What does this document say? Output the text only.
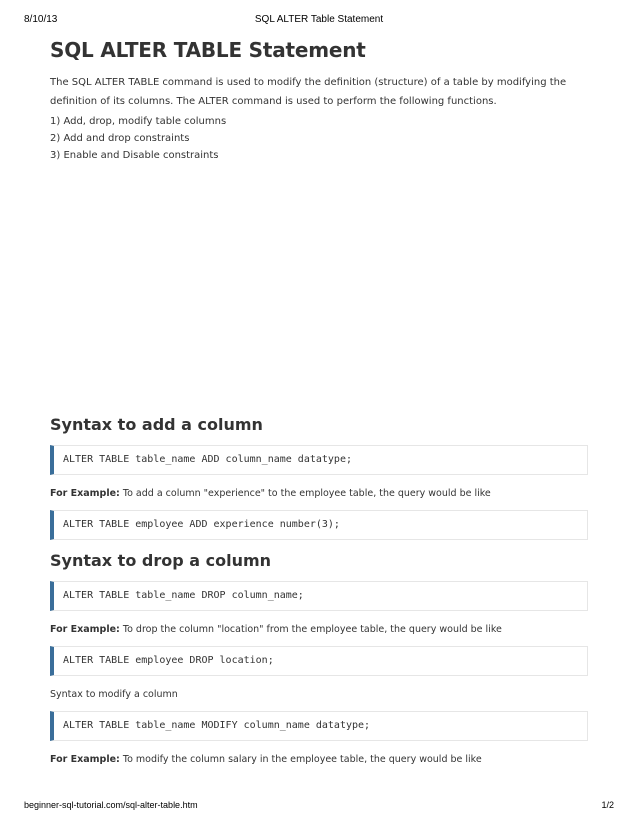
8/10/13	SQL ALTER Table Statement
SQL ALTER TABLE Statement

The SQL ALTER TABLE command is used to modify the definition (structure) of a table by modifying the definition of its columns. The ALTER command is used to perform the following functions.

1) Add, drop, modify table columns
2) Add and drop constraints
3) Enable and Disable constraints
Syntax to add a column
ALTER TABLE table_name ADD column_name datatype;

For Example: To add a column "experience" to the employee table, the query would be like

ALTER TABLE employee ADD experience number(3);
Syntax to drop a column
ALTER TABLE table_name DROP column_name;

For Example: To drop the column "location" from the employee table, the query would be like

ALTER TABLE employee DROP location;

Syntax to modify a column

ALTER TABLE table_name MODIFY column_name datatype;

For Example: To modify the column salary in the employee table, the query would be like

beginner-sql-tutorial.com/sql-alter-table.htm	1/2
